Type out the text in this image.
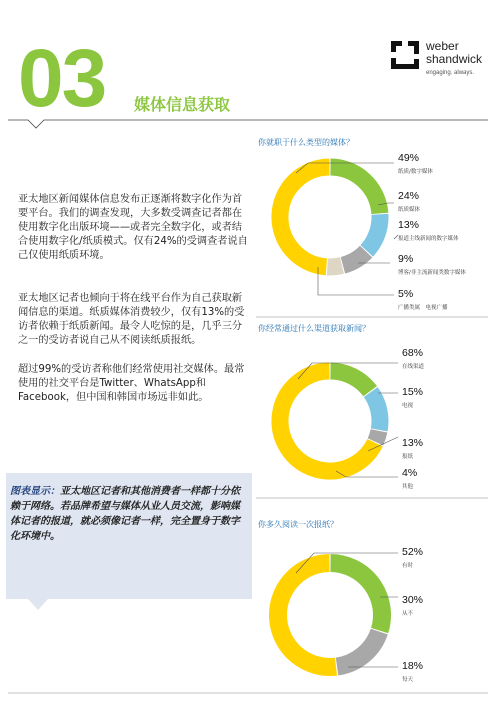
03 媒体信息获取
weber
shandwick
engaging. always.
亚太地区新闻媒体信息发布正逐渐将数字化作为首要平台。我们的调查发现，大多数受调查记者都在使用数字化出版环境——或者完全数字化，或者结合使用数字化/纸质模式。仅有24%的受调查者说自己仅使用纸质环境。
亚太地区记者也倾向于将在线平台作为自己获取新闻信息的渠道。纸质媒体消费较少，仅有13%的受访者依赖于纸质新闻。最令人吃惊的是，几乎三分之一的受访者说自己从不阅读纸质报纸。
超过99%的受访者称他们经常使用社交媒体。最常使用的社交平台是Twitter、WhatsApp和Facebook，但中国和韩国市场远非如此。
图表显示：亚太地区记者和其他消费者一样都十分依赖于网络。若品牌希望与媒体从业人员交流，影响媒体记者的报道，就必须像记者一样，完全置身于数字化环境中。
你就职于什么类型的媒体？
49%
纸质/数字媒体
24%
纸质媒体
13%
报道主线新闻的数字媒体
9%
博客/非主流新闻类数字媒体
5%
广播类属　电视广播
你经常通过什么渠道获取新闻？
68%
在线渠道
15%
电视
13%
报纸
4%
其他
你多久阅读一次报纸？
52%
有时
30%
从不
18%
每天
